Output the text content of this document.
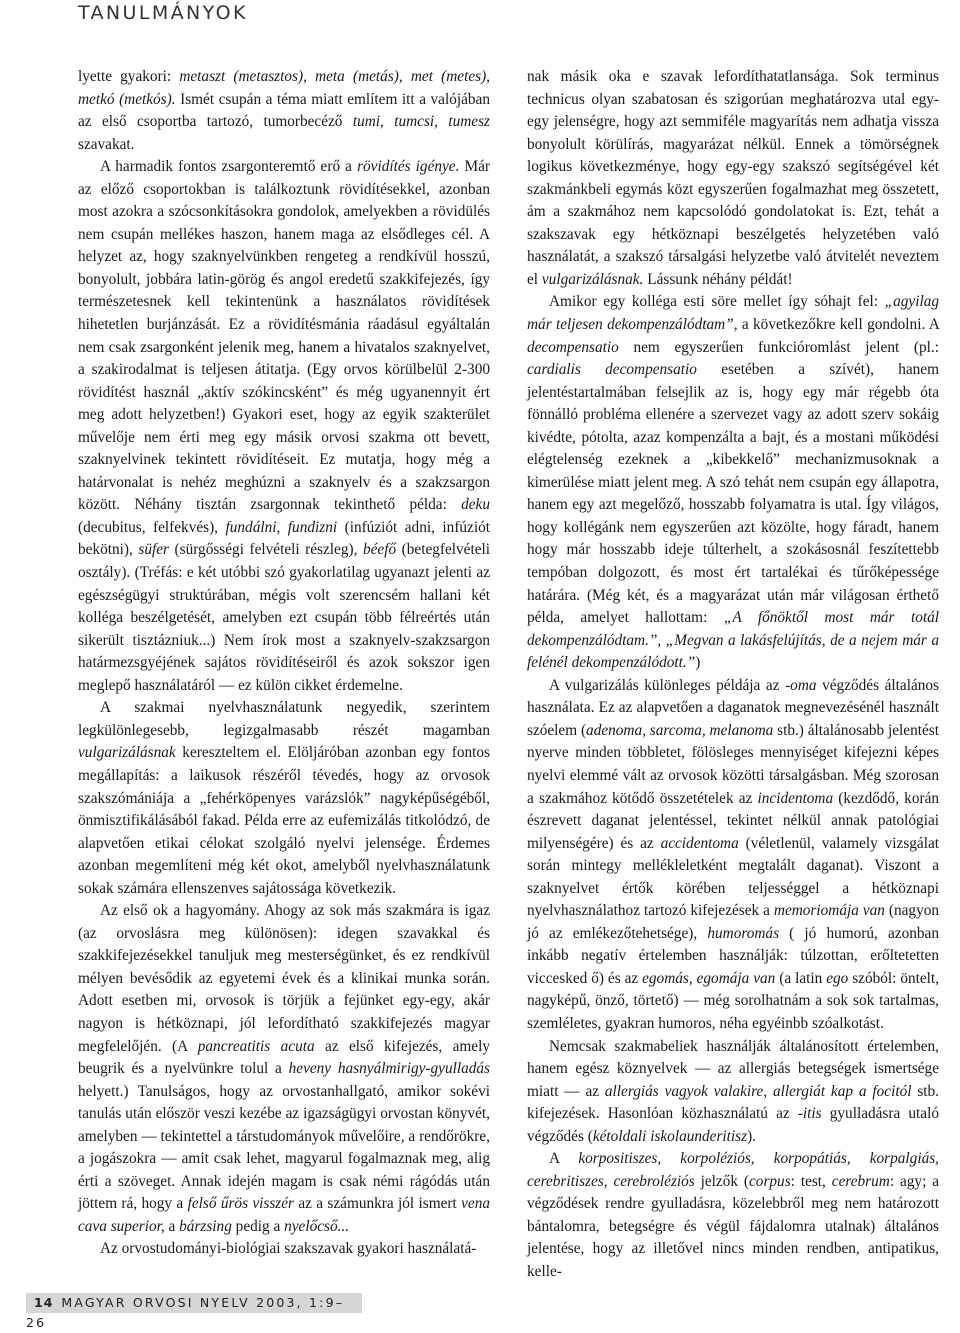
TANULMÁNYOK

lyette gyakori: metaszt (metasztos), meta (metás), met (metes), metkó (metkós). Ismét csupán a téma miatt említem itt a valójában az első csoportba tartozó, tumorbecéző tumi, tumcsi, tumesz szavakat.

A harmadik fontos zsargonteremtő erő a rövidítés igénye. Már az előző csoportokban is találkoztunk rövidítésekkel, azonban most azokra a szócsonkításokra gondolok, amelyekben a rövidülés nem csupán mellékes haszon, hanem maga az elsődleges cél. A helyzet az, hogy szaknyelvünkben rengeteg a rendkívül hosszú, bonyolult, jobbára latin-görög és angol eredetű szakkifejezés, így természetesnek kell tekintenünk a használatos rövidítések hihetetlen burjánzását. Ez a rövidítésmánia ráadásul egyáltalán nem csak zsargonként jelenik meg, hanem a hivatalos szaknyelvet, a szakirodalmat is teljesen átitatja. (Egy orvos körülbelül 2-300 rövidítést használ „aktív szókincsként” és még ugyanennyit ért meg adott helyzetben!) Gyakori eset, hogy az egyik szakterület művelője nem érti meg egy másik orvosi szakma ott bevett, szaknyelvinek tekintett rövidítéseit. Ez mutatja, hogy még a határvonalat is nehéz meghúzni a szaknyelv és a szakzsargon között. Néhány tisztán zsargonnak tekinthető példa: deku (decubitus, felfekvés), fundálni, fundizni (infúziót adni, infúziót bekötni), süfer (sürgősségi felvételi részleg), béefő (betegfelvételi osztály). (Tréfás: e két utóbbi szó gyakorlatilag ugyanazt jelenti az egészségügyi struktúrában, mégis volt szerencsém hallani két kolléga beszélgetését, amelyben ezt csupán több félreértés után sikerült tisztázniuk...) Nem írok most a szaknyelv-szakzsargon határmezsgyéjének sajátos rövidítéseiről és azok sokszor igen meglepő használatáról — ez külön cikket érdemelne.

A szakmai nyelvhasználatunk negyedik, szerintem legkülönlegesebb, legizgalmasabb részét magamban vulgarizálásnak kereszteltem el. Elöljáróban azonban egy fontos megállapítás: a laikusok részéről tévedés, hogy az orvosok szakszómániája a „fehérköpenyes varázslók” nagyképűségéből, önmisztifikálásából fakad. Példa erre az eufemizálás titkolódzó, de alapvetően etikai célokat szolgáló nyelvi jelensége. Érdemes azonban megemlíteni még két okot, amelyből nyelvhasználatunk sokak számára ellenszenves sajátossága következik.

Az első ok a hagyomány. Ahogy az sok más szakmára is igaz (az orvoslásra meg különösen): idegen szavakkal és szakkifejezésekkel tanuljuk meg mesterségünket, és ez rendkívül mélyen bevésődik az egyetemi évek és a klinikai munka során. Adott esetben mi, orvosok is törjük a fejünket egy-egy, akár nagyon is hétköznapi, jól lefordítható szakkifejezés magyar megfelelőjén. (A pancreatitis acuta az első kifejezés, amely beugrik és a nyelvünkre tolul a heveny hasnyálmirigy-gyulladás helyett.) Tanulságos, hogy az orvostanhallgató, amikor sokévi tanulás után először veszi kezébe az igazságügyi orvostan könyvét, amelyben — tekintettel a társtudományok művelőire, a rendőrökre, a jogászokra — amit csak lehet, magyarul fogalmaznak meg, alig érti a szöveget. Annak idején magam is csak némi rágódás után jöttem rá, hogy a felső űrös visszér az a számunkra jól ismert vena cava superior, a bárzsing pedig a nyelőcső...

Az orvostudományi-biológiai szakszavak gyakori használatá-

nak másik oka e szavak lefordíthatatlansága. Sok terminus technicus olyan szabatosan és szigorúan meghatározva utal egy-egy jelenségre, hogy azt semmiféle magyarítás nem adhatja vissza bonyolult körülírás, magyarázat nélkül. Ennek a tömörségnek logikus következménye, hogy egy-egy szakszó segítségével két szakmánkbeli egymás közt egyszerűen fogalmazhat meg összetett, ám a szakmához nem kapcsolódó gondolatokat is. Ezt, tehát a szakszavak egy hétköznapi beszélgetés helyzetében való használatát, a szakszó társalgási helyzetbe való átvitelét neveztem el vulgarizálásnak. Lássunk néhány példát!

Amikor egy kolléga esti söre mellet így sóhajt fel: „agyilag már teljesen dekompenzálódtam”, a következőkre kell gondolni. A decompensatio nem egyszerűen funkcióromlást jelent (pl.: cardialis decompensatio esetében a szívét), hanem jelentéstartalmában felsejlik az is, hogy egy már régebb óta fönnálló probléma ellenére a szervezet vagy az adott szerv sokáig kivédte, pótolta, azaz kompenzálta a bajt, és a mostani működési elégtelenség ezeknek a „kibekkelő” mechanizmusoknak a kimerülése miatt jelent meg. A szó tehát nem csupán egy állapotra, hanem egy azt megelőző, hosszabb folyamatra is utal. Így világos, hogy kollégánk nem egyszerűen azt közölte, hogy fáradt, hanem hogy már hosszabb ideje túlterhelt, a szokásosnál feszítettebb tempóban dolgozott, és most ért tartalékai és tűrőképessége határára. (Még két, és a magyarázat után már világosan érthető példa, amelyet hallottam: „A főnöktől most már totál dekompenzálódtam.”, „Megvan a lakásfelújítás, de a nejem már a felénél dekompenzálódott.”)

A vulgarizálás különleges példája az -oma végződés általános használata. Ez az alapvetően a daganatok megnevezésénél használt szóelem (adenoma, sarcoma, melanoma stb.) általánosabb jelentést nyerve minden többletet, fölösleges mennyiséget kifejezni képes nyelvi elemmé vált az orvosok közötti társalgásban. Még szorosan a szakmához kötődő összetételek az incidentoma (kezdődő, korán észrevett daganat jelentéssel, tekintet nélkül annak patológiai milyenségére) és az accidentoma (véletlenül, valamely vizsgálat során mintegy mellékleletként megtalált daganat). Viszont a szaknyelvet értők körében teljességgel a hétköznapi nyelvhasználathoz tartozó kifejezések a memoriomája van (nagyon jó az emlékezőtehetsége), humoromás ( jó humorú, azonban inkább negatív értelemben használják: túlzottan, erőltetetten viccesked ő) és az egomás, egomája van (a latin ego szóból: öntelt, nagyképű, önző, törtető) — még sorolhatnám a sok sok tartalmas, szemléletes, gyakran humoros, néha egyéinbb szóalkotást.

Nemcsak szakmabeliek használják általánosított értelemben, hanem egész köznyelvek — az allergiás betegségek ismertsége miatt — az allergiás vagyok valakire, allergiát kap a focitól stb. kifejezések. Hasonlóan közhasználatú az -itis gyulladásra utaló végződés (kétoldali iskolaunderitisz).

A korpositiszes, korpoléziós, korpopátiás, korpalgiás, cerebritiszes, cerebroléziós jelzők (corpus: test, cerebrum: agy; a végződések rendre gyulladásra, közelebbről meg nem határozott bántalomra, betegségre és végül fájdalomra utalnak) általános jelentése, hogy az illetővel nincs minden rendben, antipatikus, kelle-

14 MAGYAR ORVOSI NYELV 2003, 1:9–26
